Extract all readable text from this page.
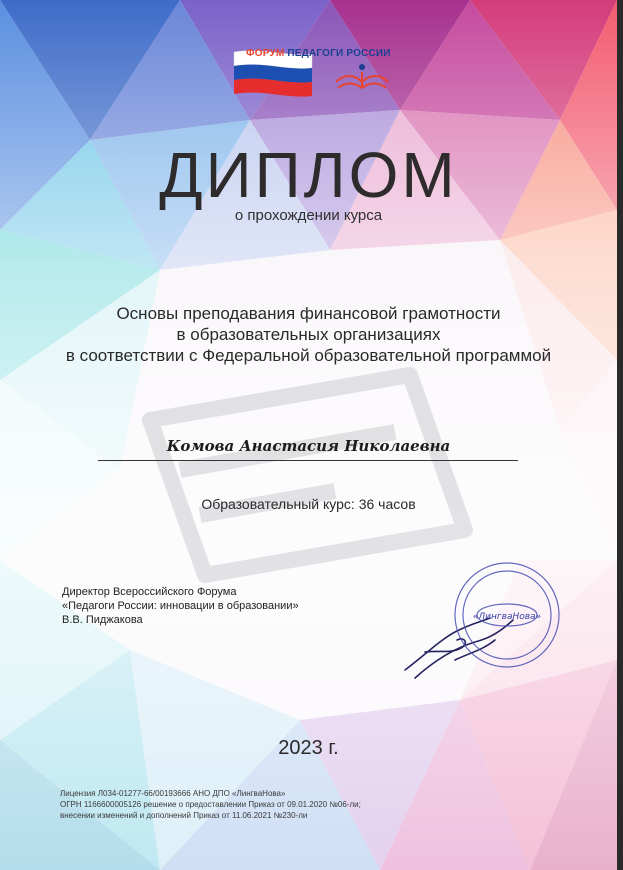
ФОРУМ ПЕДАГОГИ РОССИИ
ДИПЛОМ
о прохождении курса
Основы преподавания финансовой грамотности
в образовательных организациях
в соответствии с Федеральной образовательной программой
Комова Анастасия Николаевна
Образовательный курс: 36 часов
Директор Всероссийского Форума
«Педагоги России: инновации в образовании»
В.В. Пиджакова	«ЛингваНова»
2023 г.
Лицензия Л034-01277-66/00193666 АНО ДПО «ЛингваНова»
ОГРН 1166600005126 решение о предоставлении Приказ от 09.01.2020 №06-ли;
внесении изменений и дополнений Приказ от 11.06.2021 №230-ли
